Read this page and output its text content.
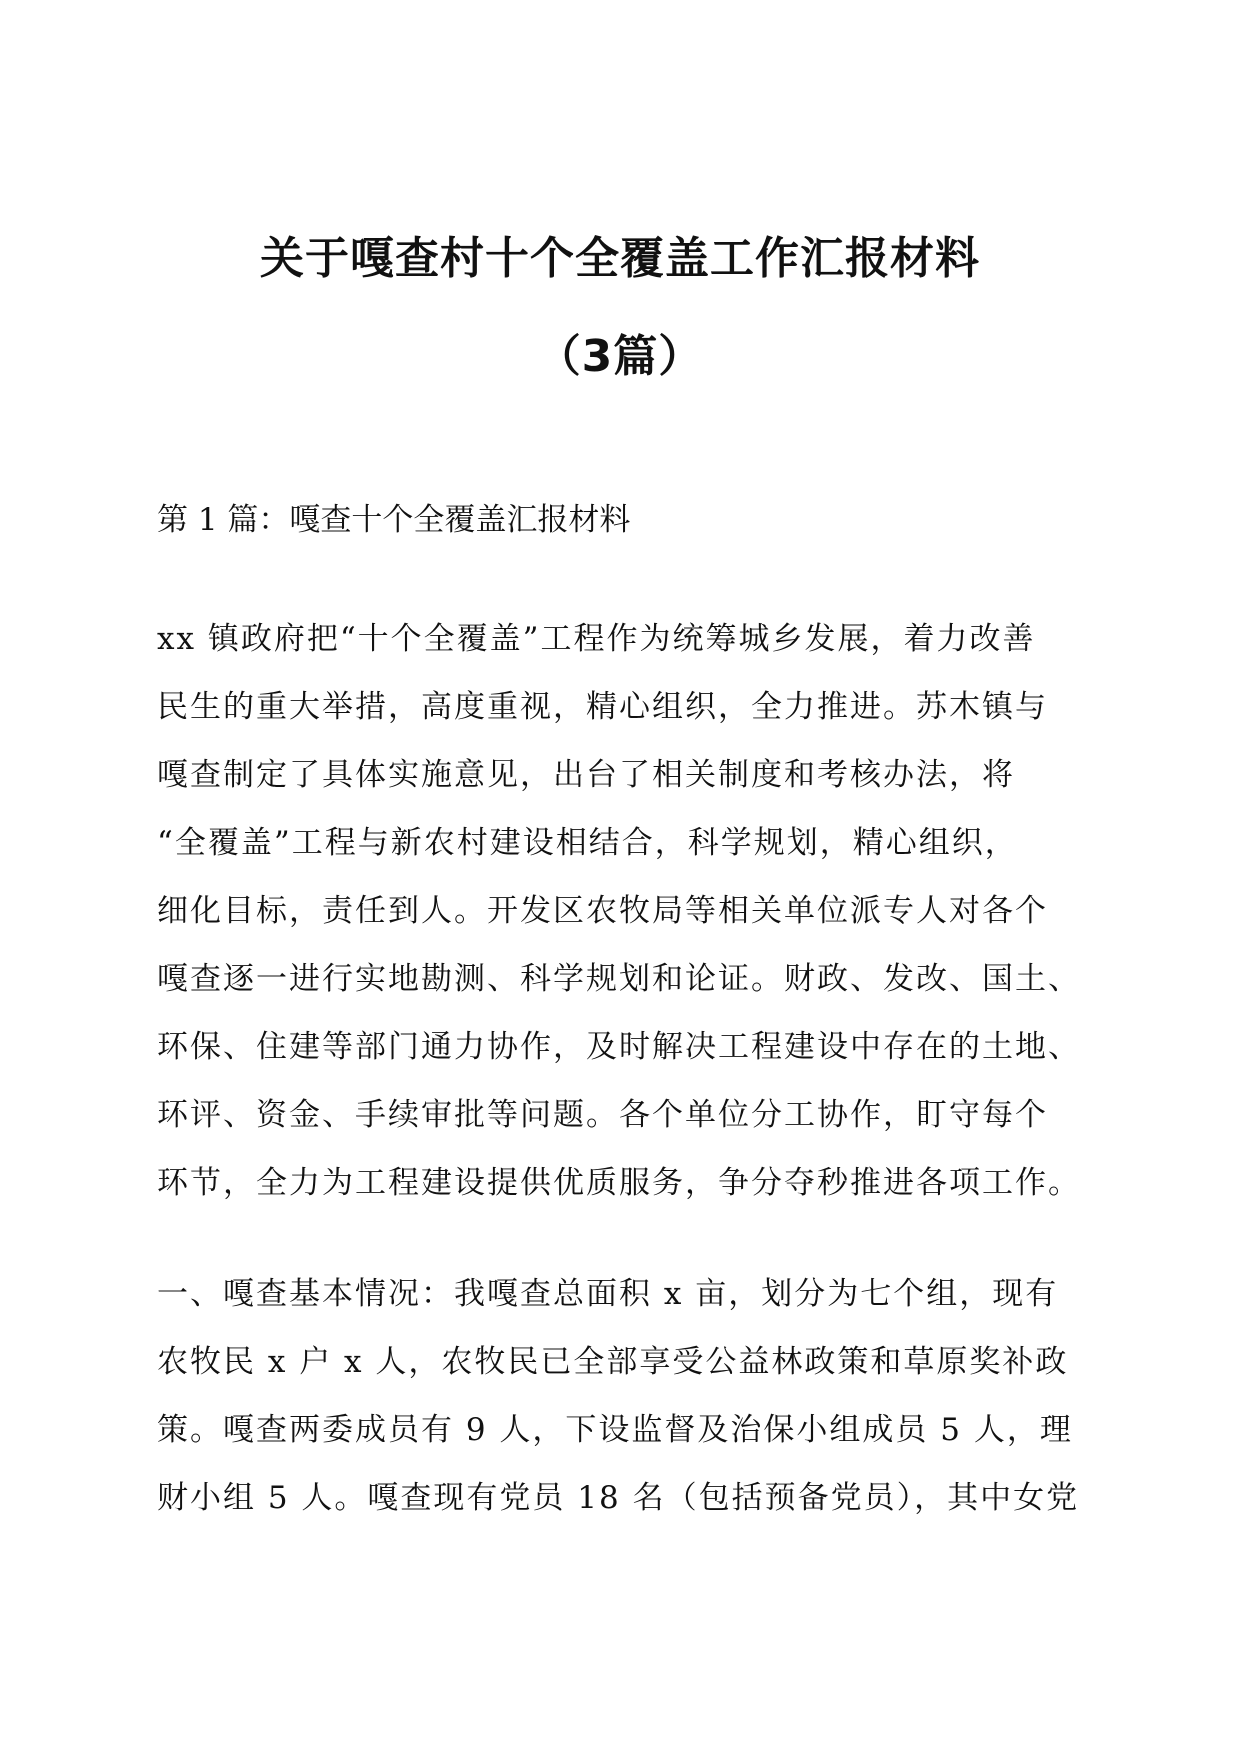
关于嘎查村十个全覆盖工作汇报材料
（3篇）

第 1 篇：嘎查十个全覆盖汇报材料

xx 镇政府把“十个全覆盖”工程作为统筹城乡发展，着力改善
民生的重大举措，高度重视，精心组织，全力推进。苏木镇与
嘎查制定了具体实施意见，出台了相关制度和考核办法，将
“全覆盖”工程与新农村建设相结合，科学规划，精心组织，
细化目标，责任到人。开发区农牧局等相关单位派专人对各个
嘎查逐一进行实地勘测、科学规划和论证。财政、发改、国土、
环保、住建等部门通力协作，及时解决工程建设中存在的土地、
环评、资金、手续审批等问题。各个单位分工协作，盯守每个
环节，全力为工程建设提供优质服务，争分夺秒推进各项工作。
一、嘎查基本情况：我嘎查总面积 x 亩，划分为七个组，现有
农牧民 x 户 x 人，农牧民已全部享受公益林政策和草原奖补政
策。嘎查两委成员有 9 人，下设监督及治保小组成员 5 人，理
财小组 5 人。嘎查现有党员 18 名（包括预备党员），其中女党
